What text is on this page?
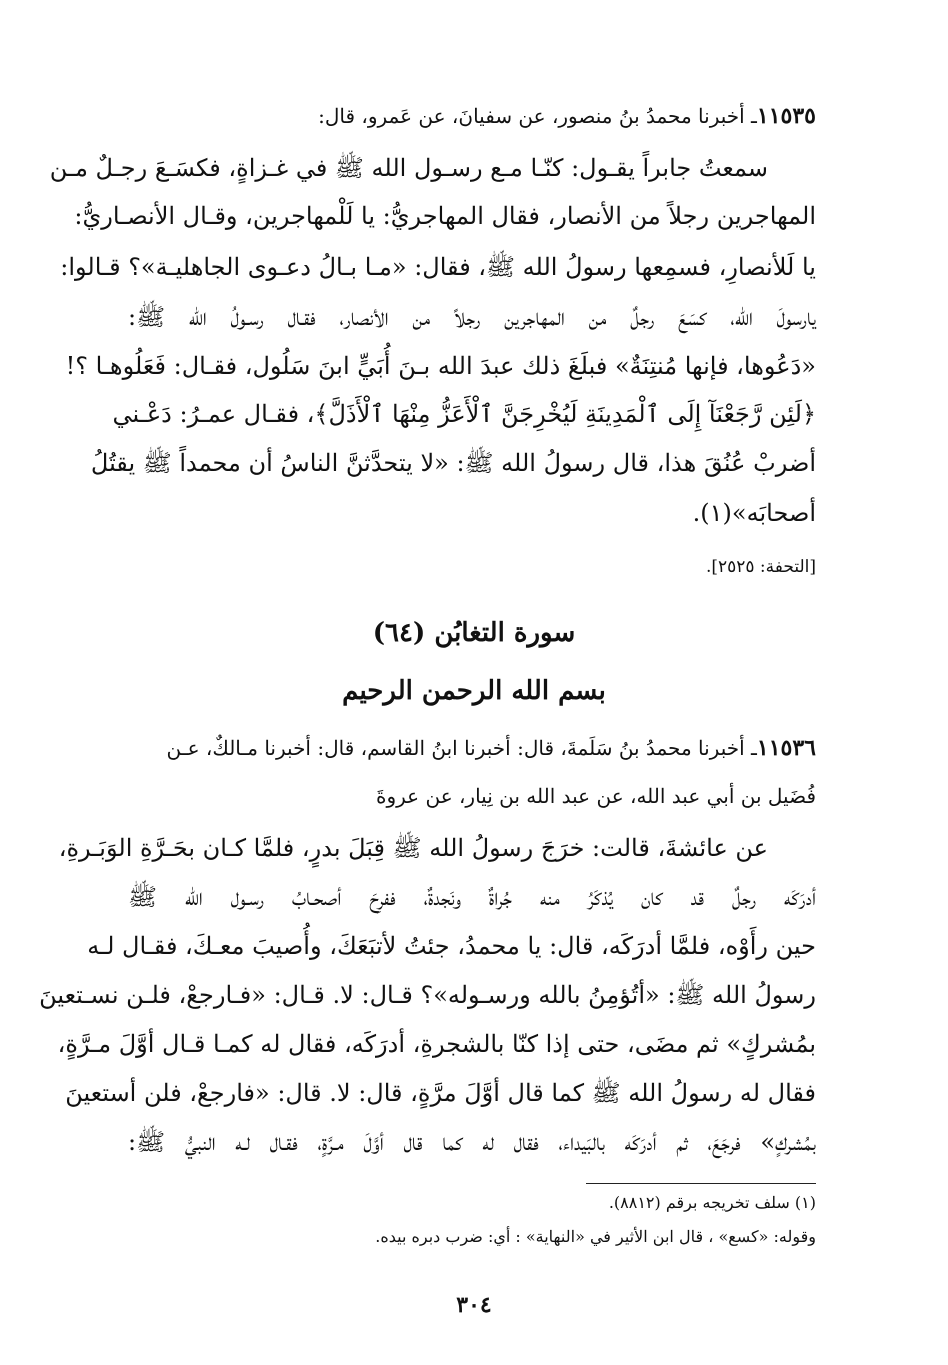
١١٥٣٥ـ أخبرنا محمدُ بنُ منصور، عن سفيانَ، عن عَمرو، قال:
سمعتُ جابراً يقـول: كنّـا مـع رسـول الله ﷺ في غـزاةٍ، فكسَـعَ رجـلٌ مـن
المهاجرين رجلاً من الأنصار، فقال المهاجريُّ: يا لَلْمهاجرين، وقـال الأنصـاريُّ:
يا لَلأنصارِ، فسمِعها رسولُ الله ﷺ، فقال: «مـا بـالُ دعـوى الجاهليـة»؟ قـالوا:
يارسولَ الله، كسَعَ رجلٌ من المهاجرين رجلاً من الأنصار، فقـال رسـولُ الله ﷺ:
«دَعُوها، فإنها مُنتِنَةٌ» فبلَغَ ذلك عبدَ الله بـنَ أُبَيٍّ ابنَ سَلُول، فقـال: فَعَلُوهـا ؟!
﴿لَئِن رَّجَعْنَآ إِلَى ٱلْمَدِينَةِ لَيُخْرِجَنَّ ٱلْأَعَزُّ مِنْهَا ٱلْأَذَلَّ﴾، فقـال عمـرُ: دَعْـني
أضربْ عُنُقَ هذا، قال رسولُ الله ﷺ: «لا يتحدَّثنَّ الناسُ أن محمداً ﷺ يقتُلُ
أصحابَه»(١).
[التحفة: ٢٥٢٥].
سورة التغابُن (٦٤)
بسم الله الرحمن الرحيم
١١٥٣٦ـ أخبرنا محمدُ بنُ سَلَمةَ، قال: أخبرنا ابنُ القاسم، قال: أخبرنا مـالكٌ، عـن
فُضَيل بن أبي عبد الله، عن عبد الله بن نِيار، عن عروةَ
عن عائشةَ، قالت: خرَجَ رسولُ الله ﷺ قِبَلَ بدرٍ، فلمَّا كـان بحَـرَّةِ الوَبَـرةِ،
أدرَكَه رجلٌ قد كان يُذكَرُ منه جُراةٌ ونَجدةٌ، ففرِحَ أصحـابُ رسـول الله ﷺ
حين رأَوْه، فلمَّا أدرَكَه، قال: يا محمدُ، جئتُ لأتبَعَكَ، وأُصيبَ معـكَ، فقـال لـه
رسولُ الله ﷺ: «أتُؤمِنُ بالله ورسـوله»؟ قـال: لا. قـال: «فـارجعْ، فلـن نسـتعينَ
بمُشركٍ» ثم مضَى، حتى إذا كنّا بالشجرةِ، أدرَكَه، فقال له كمـا قـال أوَّلَ مـرَّةٍ،
فقال له رسولُ الله ﷺ كما قال أوَّلَ مرَّةٍ، قال: لا. قال: «فارجعْ، فلن أستعينَ
بمُشركٍ» فرجَعَ، ثم أدرَكَه بالبَيداء، فقال له كما قال أوَّلَ مـرَّةٍ، فقـال لـه النبيُّ ﷺ:
(١) سلف تخريجه برقم (٨٨١٢).
وقوله: «كسع» ، قال ابن الأثير في «النهاية» : أي: ضرب دبره بيده.
٣٠٤
